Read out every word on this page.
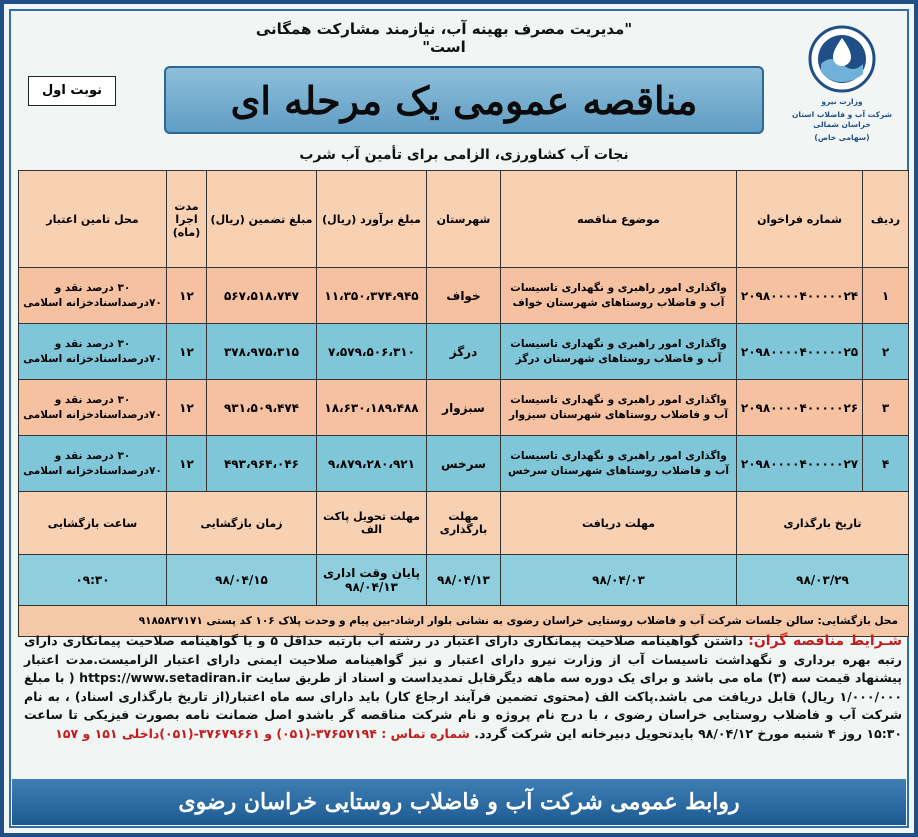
وزارت نیرو
شرکت آب و فاضلاب استان خراسان شمالی
(سهامی خاص)
"مدیریت مصرف بهینه آب، نیازمند مشارکت همگانی است"
مناقصه عمومی یک مرحله ای
نوبت اول
نجات آب کشاورزی، الزامی برای تأمین آب شرب
ردیف	شماره فراخوان	موضوع مناقصه	شهرستان	مبلغ برآورد (ریال)	مبلغ تضمین (ریال)	مدت اجرا (ماه)	محل تامین اعتبار
۱	۲۰۹۸۰۰۰۰۴۰۰۰۰۰۲۴	واگذاری امور راهبری و نگهداری تاسیسات آب و فاضلاب روستاهای شهرستان خواف	خواف	۱۱،۳۵۰،۳۷۴،۹۴۵	۵۶۷،۵۱۸،۷۴۷	۱۲	۳۰ درصد نقد و ۷۰درصداسنادخزانه اسلامی
۲	۲۰۹۸۰۰۰۰۴۰۰۰۰۰۲۵	واگذاری امور راهبری و نگهداری تاسیسات آب و فاضلاب روستاهای شهرستان درگز	درگز	۷،۵۷۹،۵۰۶،۳۱۰	۳۷۸،۹۷۵،۳۱۵	۱۲	۳۰ درصد نقد و ۷۰درصداسنادخزانه اسلامی
۳	۲۰۹۸۰۰۰۰۴۰۰۰۰۰۲۶	واگذاری امور راهبری و نگهداری تاسیسات آب و فاضلاب روستاهای شهرستان سبزوار	سبزوار	۱۸،۶۳۰،۱۸۹،۴۸۸	۹۳۱،۵۰۹،۴۷۴	۱۲	۳۰ درصد نقد و ۷۰درصداسنادخزانه اسلامی
۴	۲۰۹۸۰۰۰۰۴۰۰۰۰۰۲۷	واگذاری امور راهبری و نگهداری تاسیسات آب و فاضلاب روستاهای شهرستان سرخس	سرخس	۹،۸۷۹،۲۸۰،۹۲۱	۴۹۳،۹۶۴،۰۴۶	۱۲	۳۰ درصد نقد و ۷۰درصداسنادخزانه اسلامی
تاریخ بارگذاری		مهلت دریافت	مهلت بارگذاری	مهلت تحویل پاکت الف	زمان بازگشایی		ساعت بازگشایی
۹۸/۰۳/۲۹		۹۸/۰۴/۰۳	۹۸/۰۴/۱۳	پایان وقت اداری ۹۸/۰۴/۱۳	۹۸/۰۴/۱۵		۰۹:۳۰
محل بازگشایی: سالن جلسات شرکت آب و فاضلاب روستایی خراسان رضوی به نشانی بلوار ارشاد-بین پیام و وحدت پلاک ۱۰۶ کد پستی ۹۱۸۵۸۳۷۱۷۱							
شـرایط مناقصه گران: داشتن گواهینامه صلاحیت پیمانکاری دارای اعتبار در رشته آب بارتبه حداقل ۵ و یا گواهینامه صلاحیت پیمانکاری دارای رتبه بهره برداری و نگهداشت تاسیسات آب از وزارت نیرو دارای اعتبار و نیز گواهینامه صلاحیت ایمنی دارای اعتبار الزامیست.مدت اعتبار پیشنهاد قیمت سه (۳) ماه می باشد و برای یک دوره سه ماهه دیگرقابل تمدیداست و اسناد از طریق سایت https://www.setadiran.ir ( با مبلغ ۱/۰۰۰/۰۰۰ ریال) قابل دریافت می باشد.پاکت الف (محتوی تضمین فرآیند ارجاع کار) باید دارای سه ماه اعتبار(از تاریخ بارگذاری اسناد) ، به نام شرکت آب و فاضلاب روستایی خراسان رضوی ، با درج نام پروژه و نام شرکت مناقصه گر باشدو اصل ضمانت نامه بصورت فیزیکی تا ساعت ۱۵:۳۰ روز ۴ شنبه مورخ ۹۸/۰۴/۱۲ بایدتحویل دبیرخانه این شرکت گردد. شماره تماس : ۳۷۶۵۷۱۹۴-(۰۵۱) و ۳۷۶۷۹۶۶۱-(۰۵۱)داخلی ۱۵۱ و ۱۵۷
روابط عمومی شرکت آب و فاضلاب روستایی خراسان رضوی
